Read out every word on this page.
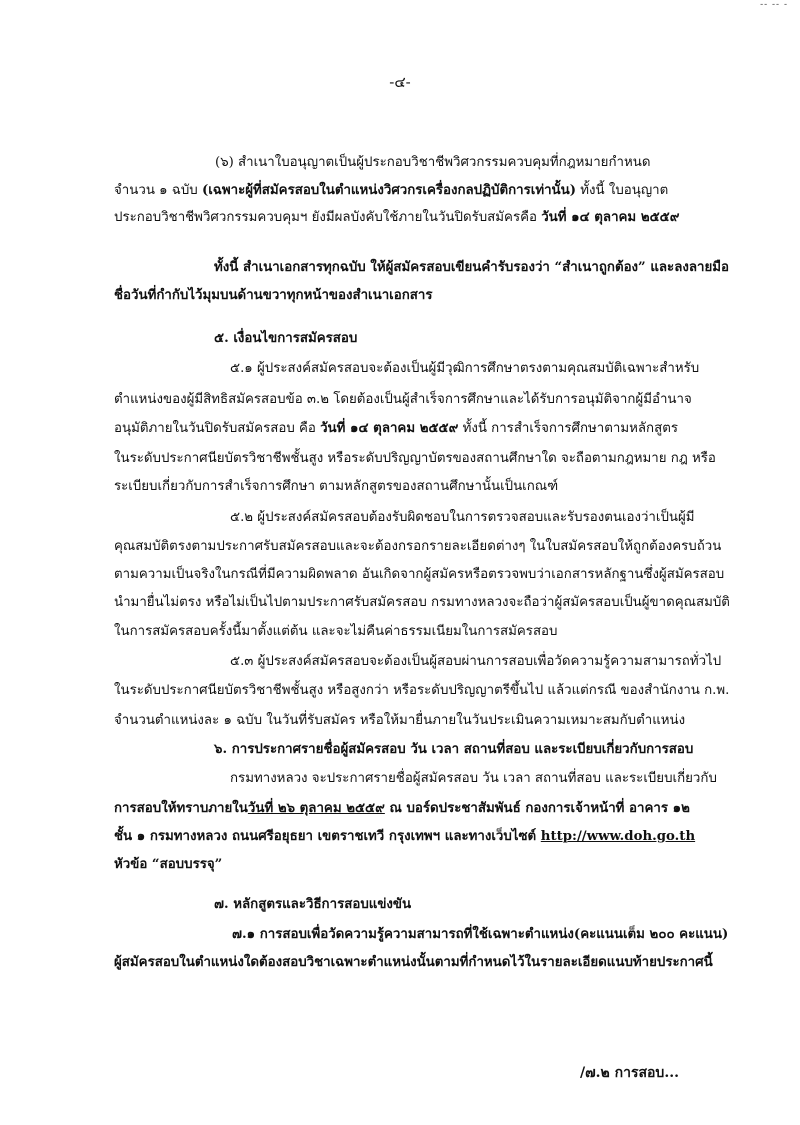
-- -- -
-๔-
(๖) สำเนาใบอนุญาตเป็นผู้ประกอบวิชาชีพวิศวกรรมควบคุมที่กฎหมายกำหนด
จำนวน ๑ ฉบับ (เฉพาะผู้ที่สมัครสอบในตำแหน่งวิศวกรเครื่องกลปฏิบัติการเท่านั้น) ทั้งนี้ ใบอนุญาต
ประกอบวิชาชีพวิศวกรรมควบคุมฯ ยังมีผลบังคับใช้ภายในวันปิดรับสมัครคือ วันที่ ๑๔ ตุลาคม ๒๕๕๙
ทั้งนี้ สำเนาเอกสารทุกฉบับ ให้ผู้สมัครสอบเขียนคำรับรองว่า “สำเนาถูกต้อง” และลงลายมือ
ชื่อวันที่กำกับไว้มุมบนด้านขวาทุกหน้าของสำเนาเอกสาร
๕. เงื่อนไขการสมัครสอบ
๕.๑ ผู้ประสงค์สมัครสอบจะต้องเป็นผู้มีวุฒิการศึกษาตรงตามคุณสมบัติเฉพาะสำหรับ
ตำแหน่งของผู้มีสิทธิสมัครสอบข้อ ๓.๒ โดยต้องเป็นผู้สำเร็จการศึกษาและได้รับการอนุมัติจากผู้มีอำนาจ
อนุมัติภายในวันปิดรับสมัครสอบ คือ วันที่ ๑๔ ตุลาคม ๒๕๕๙ ทั้งนี้ การสำเร็จการศึกษาตามหลักสูตร
ในระดับประกาศนียบัตรวิชาชีพชั้นสูง หรือระดับปริญญาบัตรของสถานศึกษาใด จะถือตามกฎหมาย กฎ หรือ
ระเบียบเกี่ยวกับการสำเร็จการศึกษา ตามหลักสูตรของสถานศึกษานั้นเป็นเกณฑ์
๕.๒ ผู้ประสงค์สมัครสอบต้องรับผิดชอบในการตรวจสอบและรับรองตนเองว่าเป็นผู้มี
คุณสมบัติตรงตามประกาศรับสมัครสอบและจะต้องกรอกรายละเอียดต่างๆ ในใบสมัครสอบให้ถูกต้องครบถ้วน
ตามความเป็นจริงในกรณีที่มีความผิดพลาด อันเกิดจากผู้สมัครหรือตรวจพบว่าเอกสารหลักฐานซึ่งผู้สมัครสอบ
นำมายื่นไม่ตรง หรือไม่เป็นไปตามประกาศรับสมัครสอบ กรมทางหลวงจะถือว่าผู้สมัครสอบเป็นผู้ขาดคุณสมบัติ
ในการสมัครสอบครั้งนี้มาตั้งแต่ต้น และจะไม่คืนค่าธรรมเนียมในการสมัครสอบ
๕.๓ ผู้ประสงค์สมัครสอบจะต้องเป็นผู้สอบผ่านการสอบเพื่อวัดความรู้ความสามารถทั่วไป
ในระดับประกาศนียบัตรวิชาชีพชั้นสูง หรือสูงกว่า หรือระดับปริญญาตรีขึ้นไป แล้วแต่กรณี ของสำนักงาน ก.พ.
จำนวนตำแหน่งละ ๑ ฉบับ ในวันที่รับสมัคร หรือให้มายื่นภายในวันประเมินความเหมาะสมกับตำแหน่ง
๖. การประกาศรายชื่อผู้สมัครสอบ วัน เวลา สถานที่สอบ และระเบียบเกี่ยวกับการสอบ
กรมทางหลวง จะประกาศรายชื่อผู้สมัครสอบ วัน เวลา สถานที่สอบ และระเบียบเกี่ยวกับ
การสอบให้ทราบภายในวันที่ ๒๖ ตุลาคม ๒๕๕๙ ณ บอร์ดประชาสัมพันธ์ กองการเจ้าหน้าที่ อาคาร ๑๒
ชั้น ๑ กรมทางหลวง ถนนศรีอยุธยา เขตราชเทวี กรุงเทพฯ และทางเว็บไซต์ http://www.doh.go.th
หัวข้อ “สอบบรรจุ”
๗. หลักสูตรและวิธีการสอบแข่งขัน
๗.๑ การสอบเพื่อวัดความรู้ความสามารถที่ใช้เฉพาะตำแหน่ง(คะแนนเต็ม ๒๐๐ คะแนน)
ผู้สมัครสอบในตำแหน่งใดต้องสอบวิชาเฉพาะตำแหน่งนั้นตามที่กำหนดไว้ในรายละเอียดแนบท้ายประกาศนี้
/๗.๒ การสอบ...
